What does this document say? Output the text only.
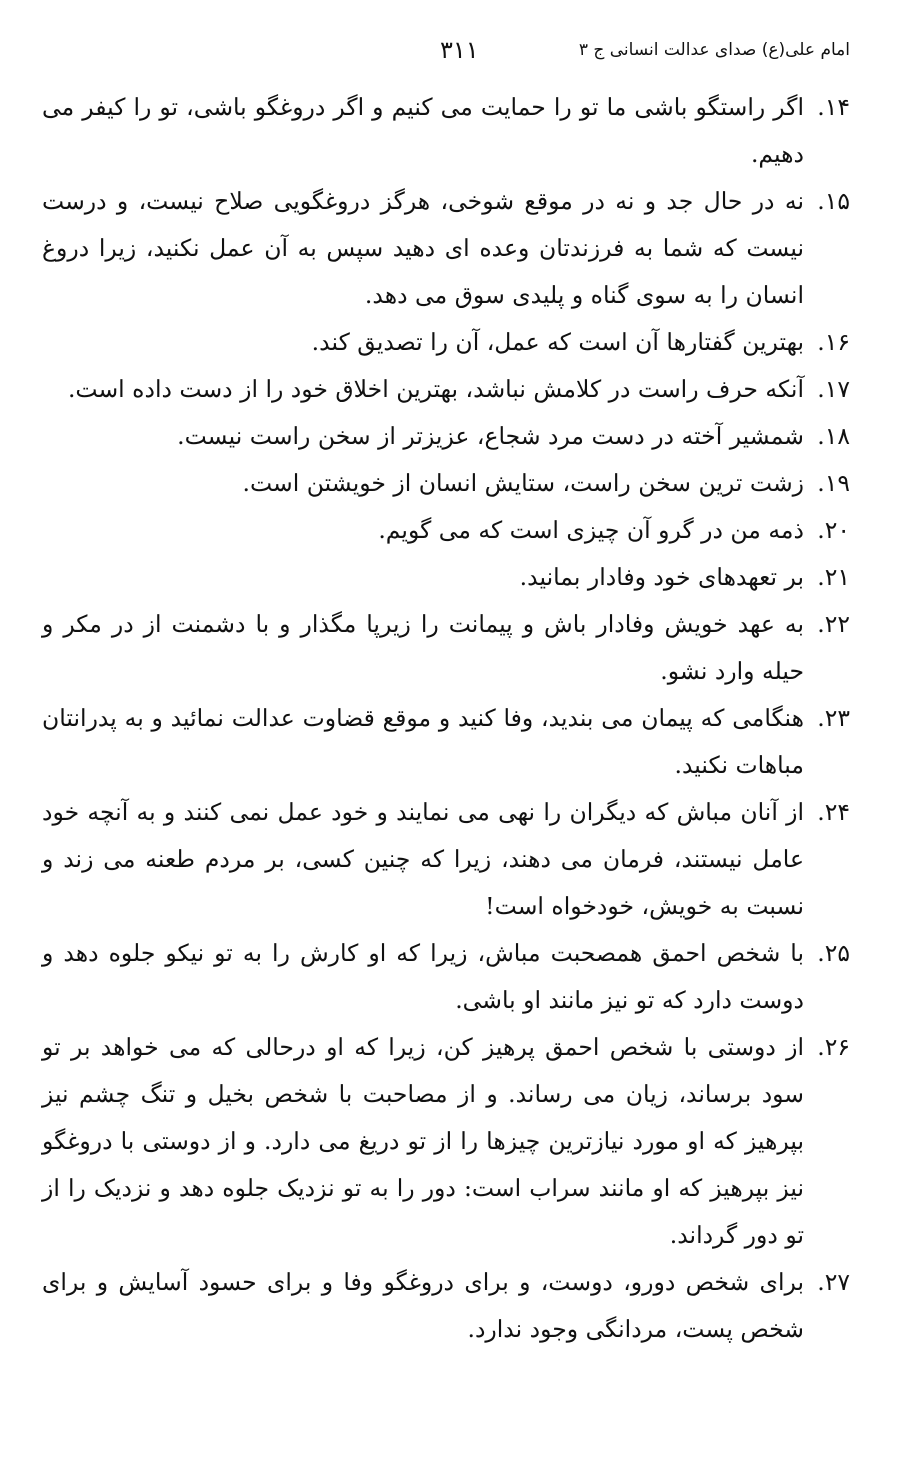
امام علی(ع) صدای عدالت انسانی ج ۳
۳۱۱
۱۴.
اگر راستگو باشی ما تو را حمایت می کنیم و اگر دروغگو باشی، تو را کیفر می دهیم.
۱۵.
نه در حال جد و نه در موقع شوخی، هرگز دروغگویی صلاح نیست، و درست نیست که شما به فرزندتان وعده ای دهید سپس به آن عمل نکنید، زیرا دروغ انسان را به سوی گناه و پلیدی سوق می دهد.
۱۶.
بهترین گفتارها آن است که عمل، آن را تصدیق کند.
۱۷.
آنکه حرف راست در کلامش نباشد، بهترین اخلاق خود را از دست داده است.
۱۸.
شمشیر آخته در دست مرد شجاع، عزیزتر از سخن راست نیست.
۱۹.
زشت ترین سخن راست، ستایش انسان از خویشتن است.
۲۰.
ذمه من در گرو آن چیزی است که می گویم.
۲۱.
بر تعهدهای خود وفادار بمانید.
۲۲.
به عهد خویش وفادار باش و پیمانت را زیرپا مگذار و با دشمنت از در مکر و حیله وارد نشو.
۲۳.
هنگامی که پیمان می بندید، وفا کنید و موقع قضاوت عدالت نمائید و به پدرانتان مباهات نکنید.
۲۴.
از آنان مباش که دیگران را نهی می نمایند و خود عمل نمی کنند و به آنچه خود عامل نیستند، فرمان می دهند، زیرا که چنین کسی، بر مردم طعنه می زند و نسبت به خویش، خودخواه است!
۲۵.
با شخص احمق همصحبت مباش، زیرا که او کارش را به تو نیکو جلوه دهد و دوست دارد که تو نیز مانند او باشی.
۲۶.
از دوستی با شخص احمق پرهیز کن، زیرا که او درحالی که می خواهد بر تو سود برساند، زیان می رساند. و از مصاحبت با شخص بخیل و تنگ چشم نیز بپرهیز که او مورد نیازترین چیزها را از تو دریغ می دارد. و از دوستی با دروغگو نیز بپرهیز که او مانند سراب است: دور را به تو نزدیک جلوه دهد و نزدیک را از تو دور گرداند.
۲۷.
برای شخص دورو، دوست، و برای دروغگو وفا و برای حسود آسایش و برای شخص پست، مردانگی وجود ندارد.
